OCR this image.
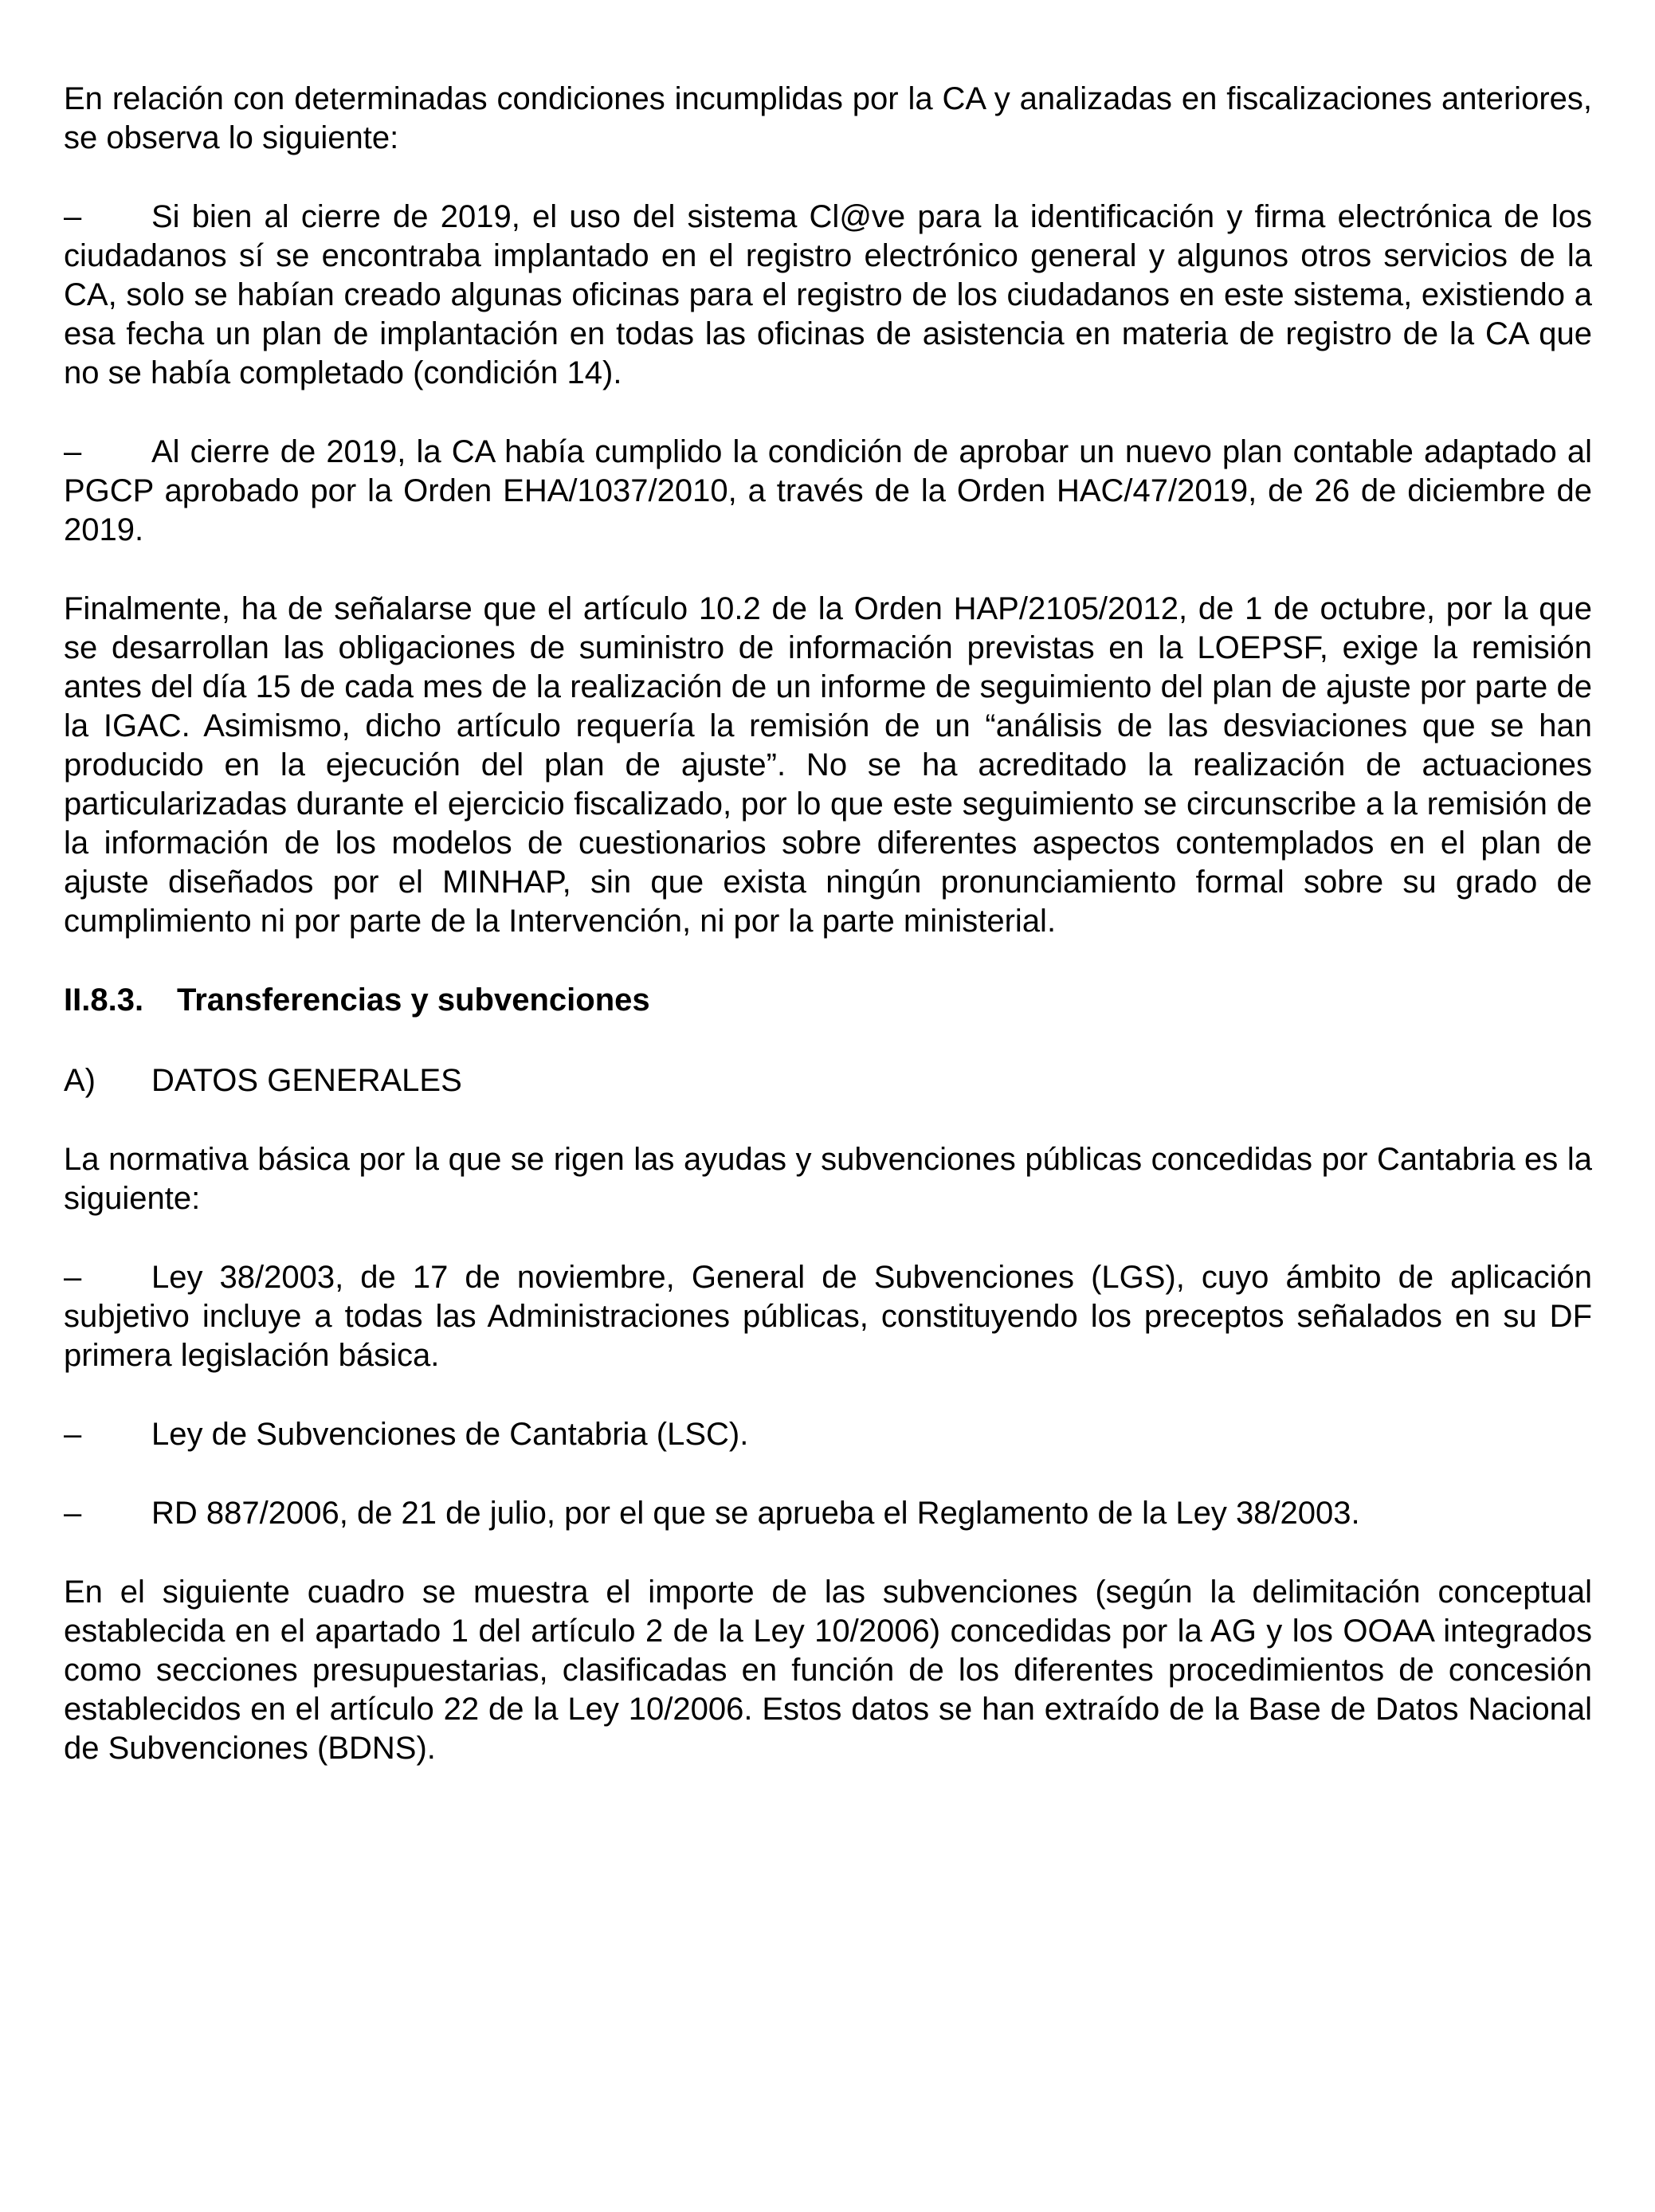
En relación con determinadas condiciones incumplidas por la CA y analizadas en fiscalizaciones anteriores, se observa lo siguiente:

– Si bien al cierre de 2019, el uso del sistema Cl@ve para la identificación y firma electrónica de los ciudadanos sí se encontraba implantado en el registro electrónico general y algunos otros servicios de la CA, solo se habían creado algunas oficinas para el registro de los ciudadanos en este sistema, existiendo a esa fecha un plan de implantación en todas las oficinas de asistencia en materia de registro de la CA que no se había completado (condición 14).

– Al cierre de 2019, la CA había cumplido la condición de aprobar un nuevo plan contable adaptado al PGCP aprobado por la Orden EHA/1037/2010, a través de la Orden HAC/47/2019, de 26 de diciembre de 2019.

Finalmente, ha de señalarse que el artículo 10.2 de la Orden HAP/2105/2012, de 1 de octubre, por la que se desarrollan las obligaciones de suministro de información previstas en la LOEPSF, exige la remisión antes del día 15 de cada mes de la realización de un informe de seguimiento del plan de ajuste por parte de la IGAC. Asimismo, dicho artículo requería la remisión de un “análisis de las desviaciones que se han producido en la ejecución del plan de ajuste”. No se ha acreditado la realización de actuaciones particularizadas durante el ejercicio fiscalizado, por lo que este seguimiento se circunscribe a la remisión de la información de los modelos de cuestionarios sobre diferentes aspectos contemplados en el plan de ajuste diseñados por el MINHAP, sin que exista ningún pronunciamiento formal sobre su grado de cumplimiento ni por parte de la Intervención, ni por la parte ministerial.

II.8.3. Transferencias y subvenciones
A) DATOS GENERALES

La normativa básica por la que se rigen las ayudas y subvenciones públicas concedidas por Cantabria es la siguiente:

– Ley 38/2003, de 17 de noviembre, General de Subvenciones (LGS), cuyo ámbito de aplicación subjetivo incluye a todas las Administraciones públicas, constituyendo los preceptos señalados en su DF primera legislación básica.

– Ley de Subvenciones de Cantabria (LSC).

– RD 887/2006, de 21 de julio, por el que se aprueba el Reglamento de la Ley 38/2003.

En el siguiente cuadro se muestra el importe de las subvenciones (según la delimitación conceptual establecida en el apartado 1 del artículo 2 de la Ley 10/2006) concedidas por la AG y los OOAA integrados como secciones presupuestarias, clasificadas en función de los diferentes procedimientos de concesión establecidos en el artículo 22 de la Ley 10/2006. Estos datos se han extraído de la Base de Datos Nacional de Subvenciones (BDNS).
